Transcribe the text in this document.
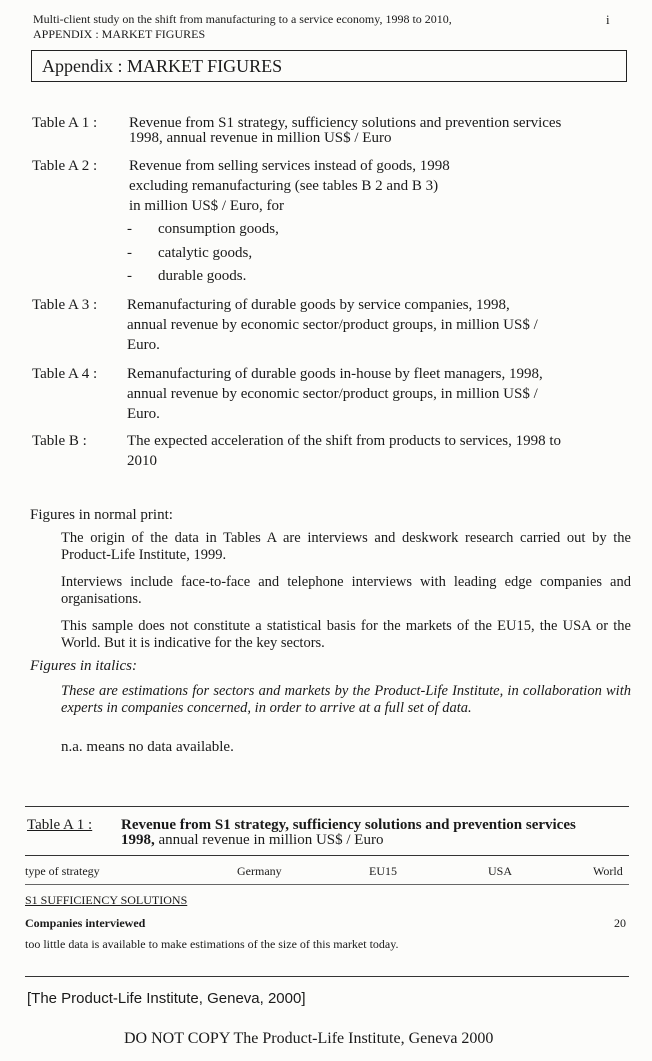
Multi-client study on the shift from manufacturing to a service economy, 1998 to 2010,
APPENDIX : MARKET FIGURES
i
Appendix : MARKET FIGURES
Table A 1 : Revenue from S1 strategy, sufficiency solutions and prevention services
1998, annual revenue in million US$ / Euro
Table A 2 : Revenue from selling services instead of goods, 1998
excluding remanufacturing (see tables B 2 and B 3)
in million US$ / Euro, for
- consumption goods,
- catalytic goods,
- durable goods.
Table A 3 : Remanufacturing of durable goods by service companies, 1998,
annual revenue by economic sector/product groups, in million US$ /
Euro.
Table A 4 : Remanufacturing of durable goods in-house by fleet managers, 1998,
annual revenue by economic sector/product groups, in million US$ /
Euro.
Table B :	The expected acceleration of the shift from products to services, 1998 to
2010
Figures in normal print:
The origin of the data in Tables A are interviews and deskwork research carried out by the Product-Life Institute, 1999.
Interviews include face-to-face and telephone interviews with leading edge companies and organisations.
This sample does not constitute a statistical basis for the markets of the EU15, the USA or the World. But it is indicative for the key sectors.
Figures in italics:
These are estimations for sectors and markets by the Product-Life Institute, in collaboration with experts in companies concerned, in order to arrive at a full set of data.
n.a. means no data available.
Table A 1 : Revenue from S1 strategy, sufficiency solutions and prevention services
1998, annual revenue in million US$ / Euro
type of strategy	Germany	EU15	USA	World
S1 SUFFICIENCY SOLUTIONS
Companies interviewed	20
too little data is available to make estimations of the size of this market today.
[The Product-Life Institute, Geneva, 2000]
DO NOT COPY The Product-Life Institute, Geneva 2000
